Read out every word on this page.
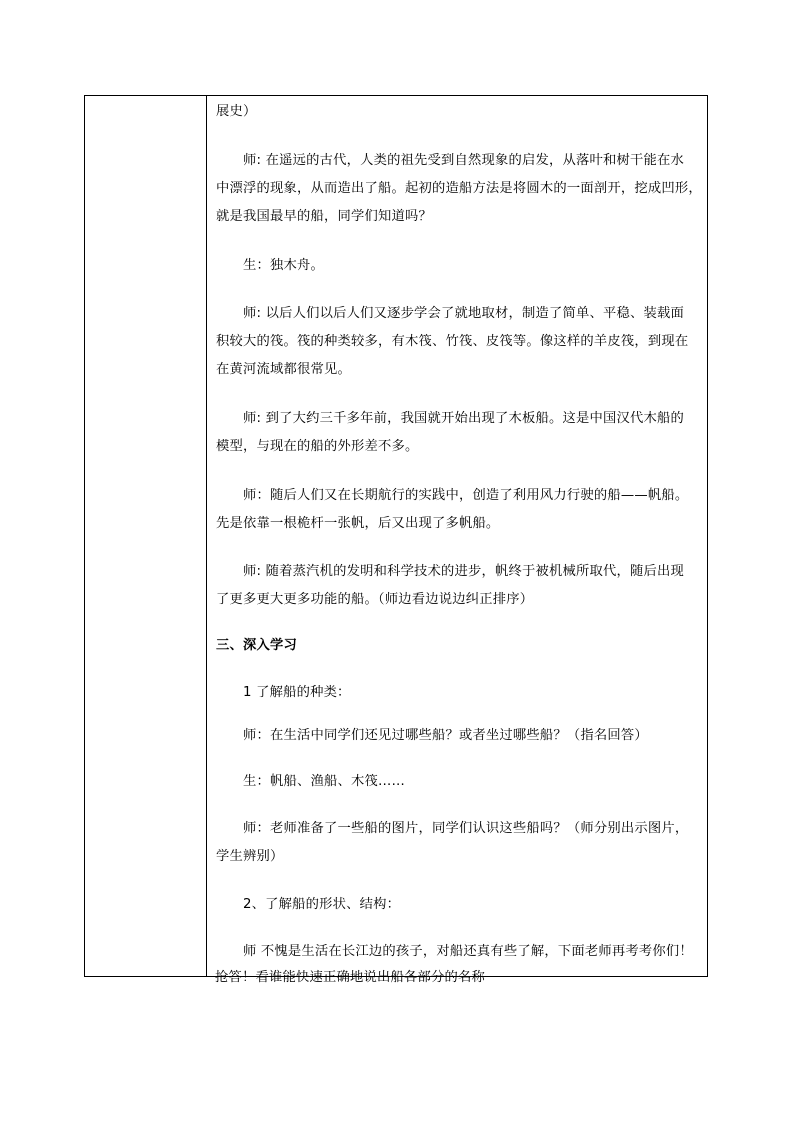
展史）
　　师: 在遥远的古代，人类的祖先受到自然现象的启发，从落叶和树干能在水
中漂浮的现象，从而造出了船。起初的造船方法是将圆木的一面剖开，挖成凹形，
就是我国最早的船，同学们知道吗？
　　生：独木舟。
　　师: 以后人们以后人们又逐步学会了就地取材，制造了简单、平稳、装载面
积较大的筏。筏的种类较多，有木筏、竹筏、皮筏等。像这样的羊皮筏，到现在
在黄河流域都很常见。
　　师: 到了大约三千多年前，我国就开始出现了木板船。这是中国汉代木船的
模型，与现在的船的外形差不多。
　　师：随后人们又在长期航行的实践中，创造了利用风力行驶的船——帆船。
先是依靠一根桅杆一张帆，后又出现了多帆船。
　　师: 随着蒸汽机的发明和科学技术的进步，帆终于被机械所取代，随后出现
了更多更大更多功能的船。（师边看边说边纠正排序）
三、深入学习
　　1 了解船的种类：
　　师：在生活中同学们还见过哪些船？或者坐过哪些船？（指名回答）
　　生：帆船、渔船、木筏……
　　师：老师准备了一些船的图片，同学们认识这些船吗？（师分别出示图片，
学生辨别）
　　2、了解船的形状、结构：
　　师 不愧是生活在长江边的孩子，对船还真有些了解，下面老师再考考你们！
抢答！看谁能快速正确地说出船各部分的名称
